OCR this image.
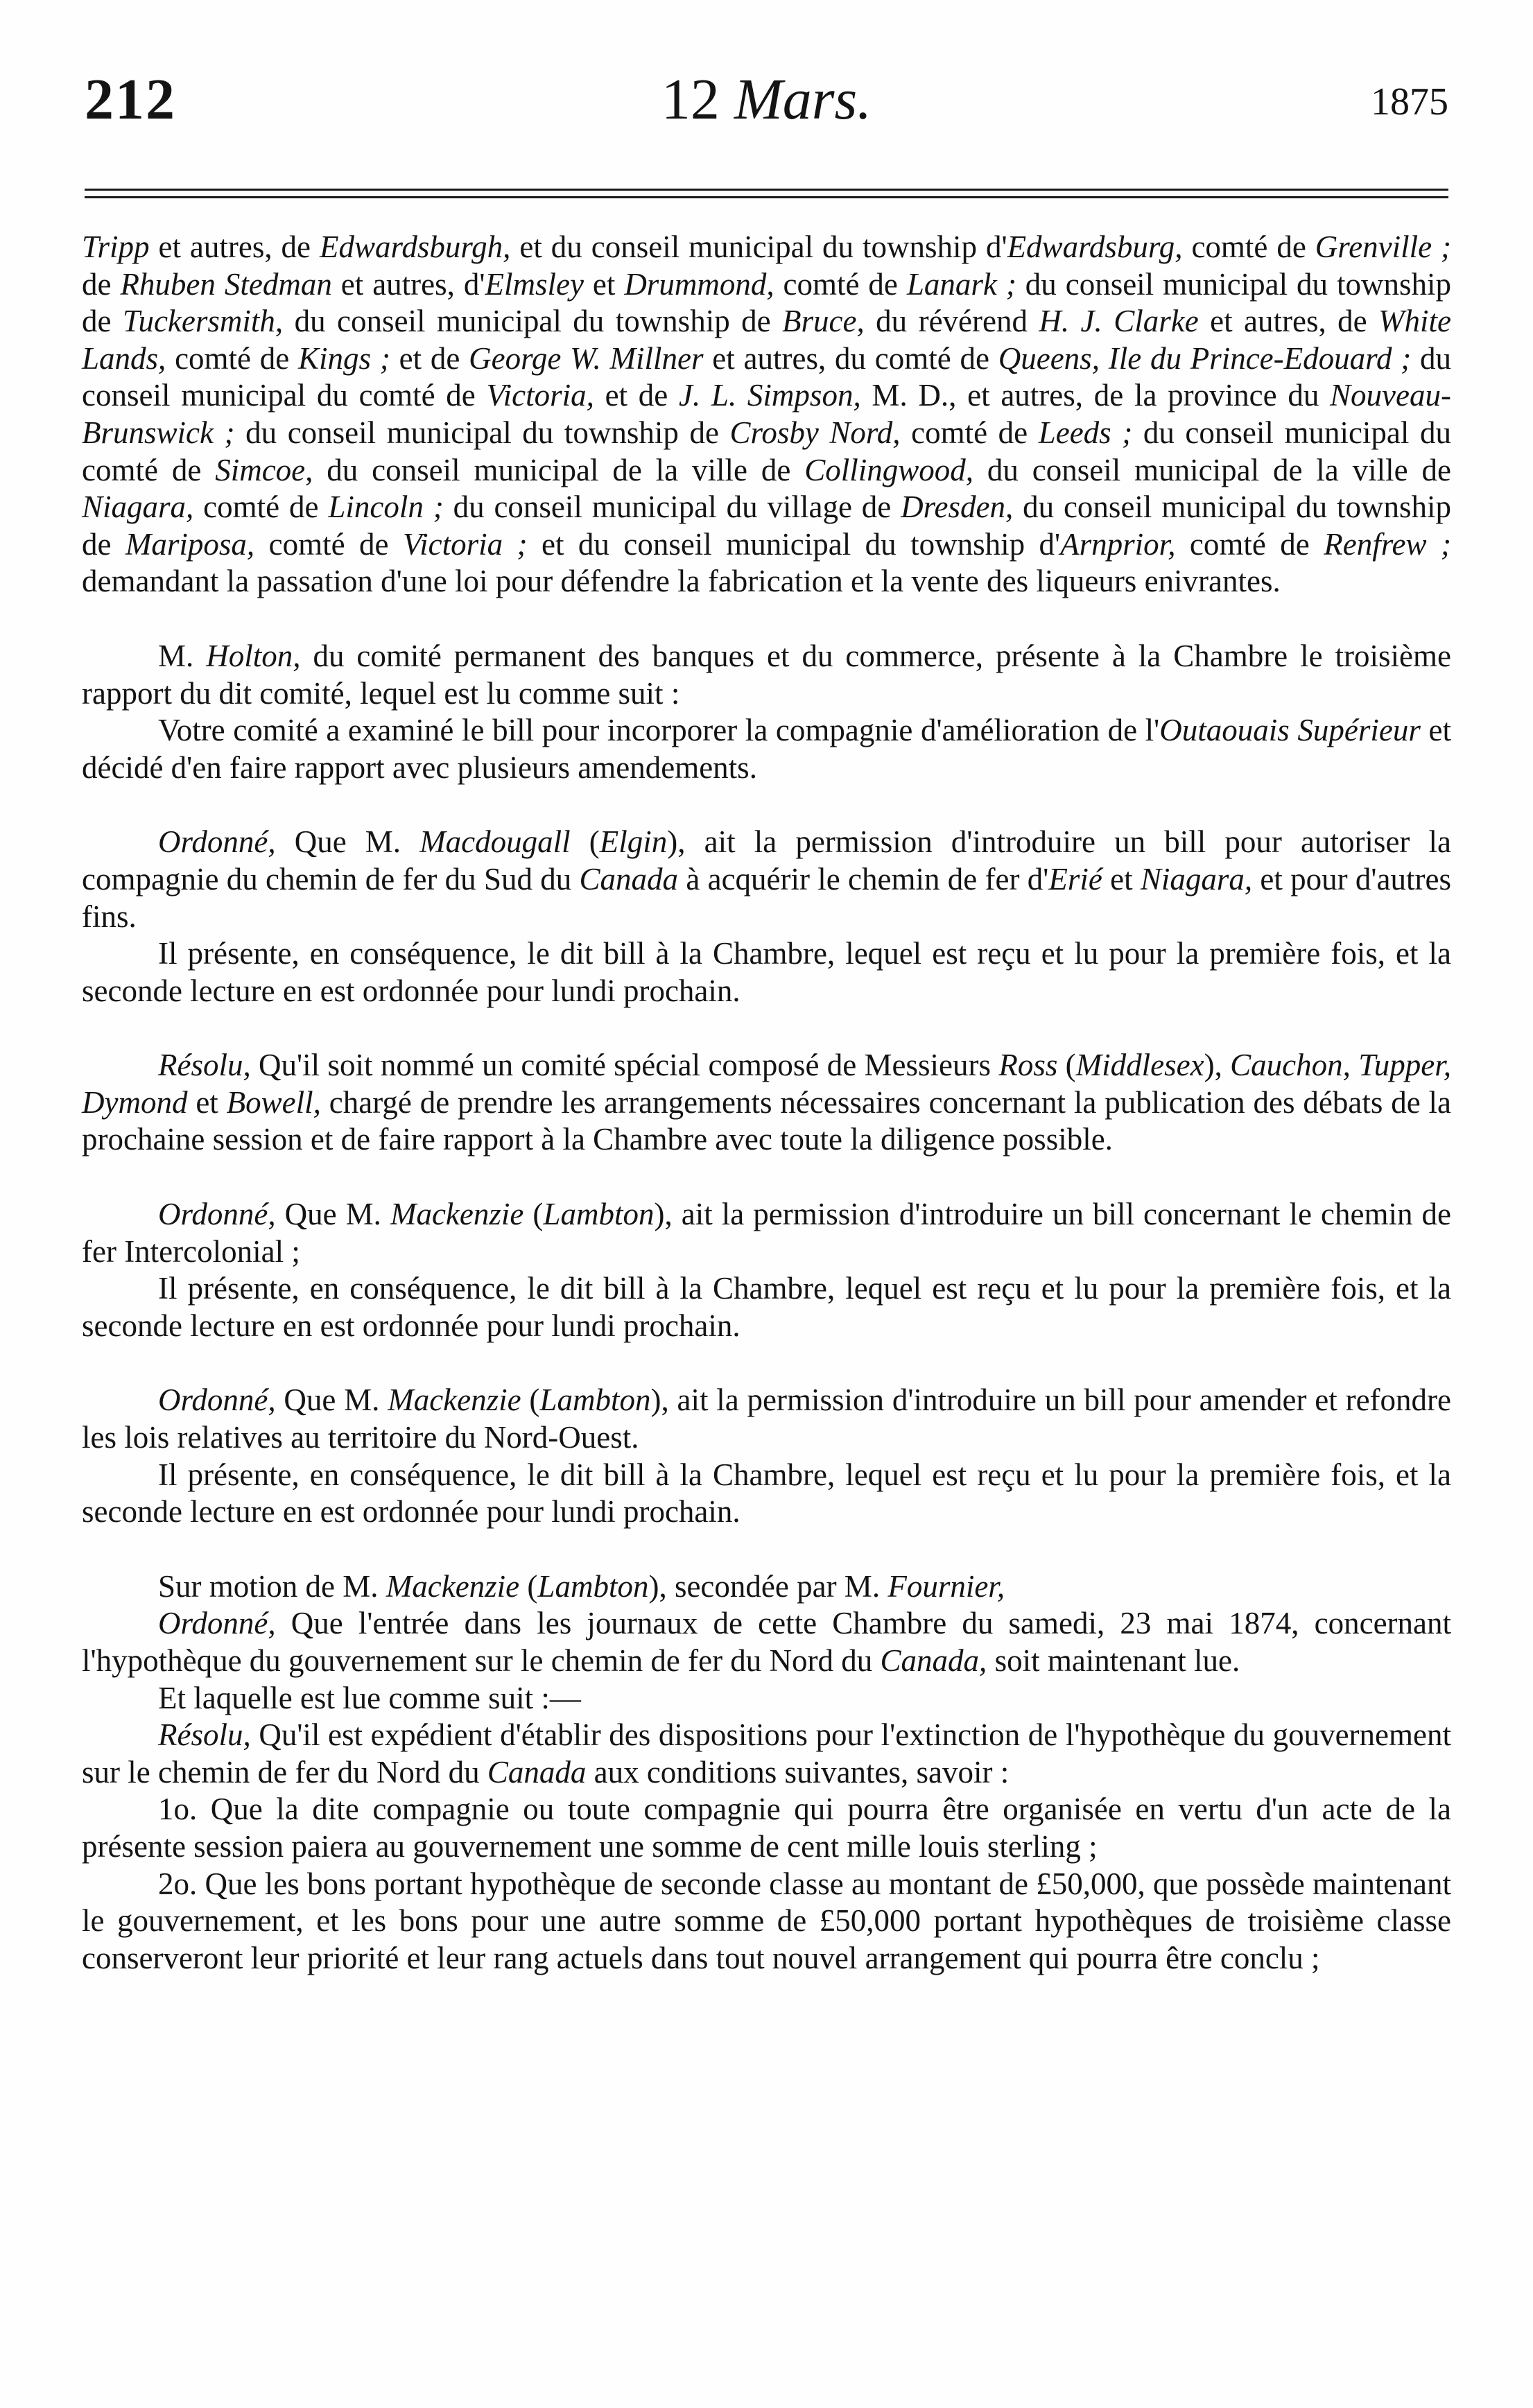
212	12 Mars.	1875

Tripp et autres, de Edwardsburgh, et du conseil municipal du township d'Edwardsburg, comté de Grenville ; de Rhuben Stedman et autres, d'Elmsley et Drummond, comté de Lanark ; du conseil municipal du township de Tuckersmith, du conseil municipal du township de Bruce, du révérend H. J. Clarke et autres, de White Lands, comté de Kings ; et de George W. Millner et autres, du comté de Queens, Ile du Prince-Edouard ; du conseil municipal du comté de Victoria, et de J. L. Simpson, M. D., et autres, de la province du Nouveau-Brunswick ; du conseil municipal du township de Crosby Nord, comté de Leeds ; du conseil municipal du comté de Simcoe, du conseil municipal de la ville de Collingwood, du conseil municipal de la ville de Niagara, comté de Lincoln ; du conseil municipal du village de Dresden, du conseil municipal du township de Mariposa, comté de Victoria ; et du conseil municipal du township d'Arnprior, comté de Renfrew ; demandant la passation d'une loi pour défendre la fabrication et la vente des liqueurs enivrantes.

M. Holton, du comité permanent des banques et du commerce, présente à la Chambre le troisième rapport du dit comité, lequel est lu comme suit :

Votre comité a examiné le bill pour incorporer la compagnie d'amélioration de l'Outaouais Supérieur et décidé d'en faire rapport avec plusieurs amendements.

Ordonné, Que M. Macdougall (Elgin), ait la permission d'introduire un bill pour autoriser la compagnie du chemin de fer du Sud du Canada à acquérir le chemin de fer d'Erié et Niagara, et pour d'autres fins.

Il présente, en conséquence, le dit bill à la Chambre, lequel est reçu et lu pour la première fois, et la seconde lecture en est ordonnée pour lundi prochain.

Résolu, Qu'il soit nommé un comité spécial composé de Messieurs Ross (Middlesex), Cauchon, Tupper, Dymond et Bowell, chargé de prendre les arrangements nécessaires concernant la publication des débats de la prochaine session et de faire rapport à la Chambre avec toute la diligence possible.

Ordonné, Que M. Mackenzie (Lambton), ait la permission d'introduire un bill concernant le chemin de fer Intercolonial ;

Il présente, en conséquence, le dit bill à la Chambre, lequel est reçu et lu pour la première fois, et la seconde lecture en est ordonnée pour lundi prochain.

Ordonné, Que M. Mackenzie (Lambton), ait la permission d'introduire un bill pour amender et refondre les lois relatives au territoire du Nord-Ouest.

Il présente, en conséquence, le dit bill à la Chambre, lequel est reçu et lu pour la première fois, et la seconde lecture en est ordonnée pour lundi prochain.

Sur motion de M. Mackenzie (Lambton), secondée par M. Fournier,

Ordonné, Que l'entrée dans les journaux de cette Chambre du samedi, 23 mai 1874, concernant l'hypothèque du gouvernement sur le chemin de fer du Nord du Canada, soit maintenant lue.

Et laquelle est lue comme suit :—

Résolu, Qu'il est expédient d'établir des dispositions pour l'extinction de l'hypothèque du gouvernement sur le chemin de fer du Nord du Canada aux conditions suivantes, savoir :

1o. Que la dite compagnie ou toute compagnie qui pourra être organisée en vertu d'un acte de la présente session paiera au gouvernement une somme de cent mille louis sterling ;

2o. Que les bons portant hypothèque de seconde classe au montant de £50,000, que possède maintenant le gouvernement, et les bons pour une autre somme de £50,000 portant hypothèques de troisième classe conserveront leur priorité et leur rang actuels dans tout nouvel arrangement qui pourra être conclu ;
